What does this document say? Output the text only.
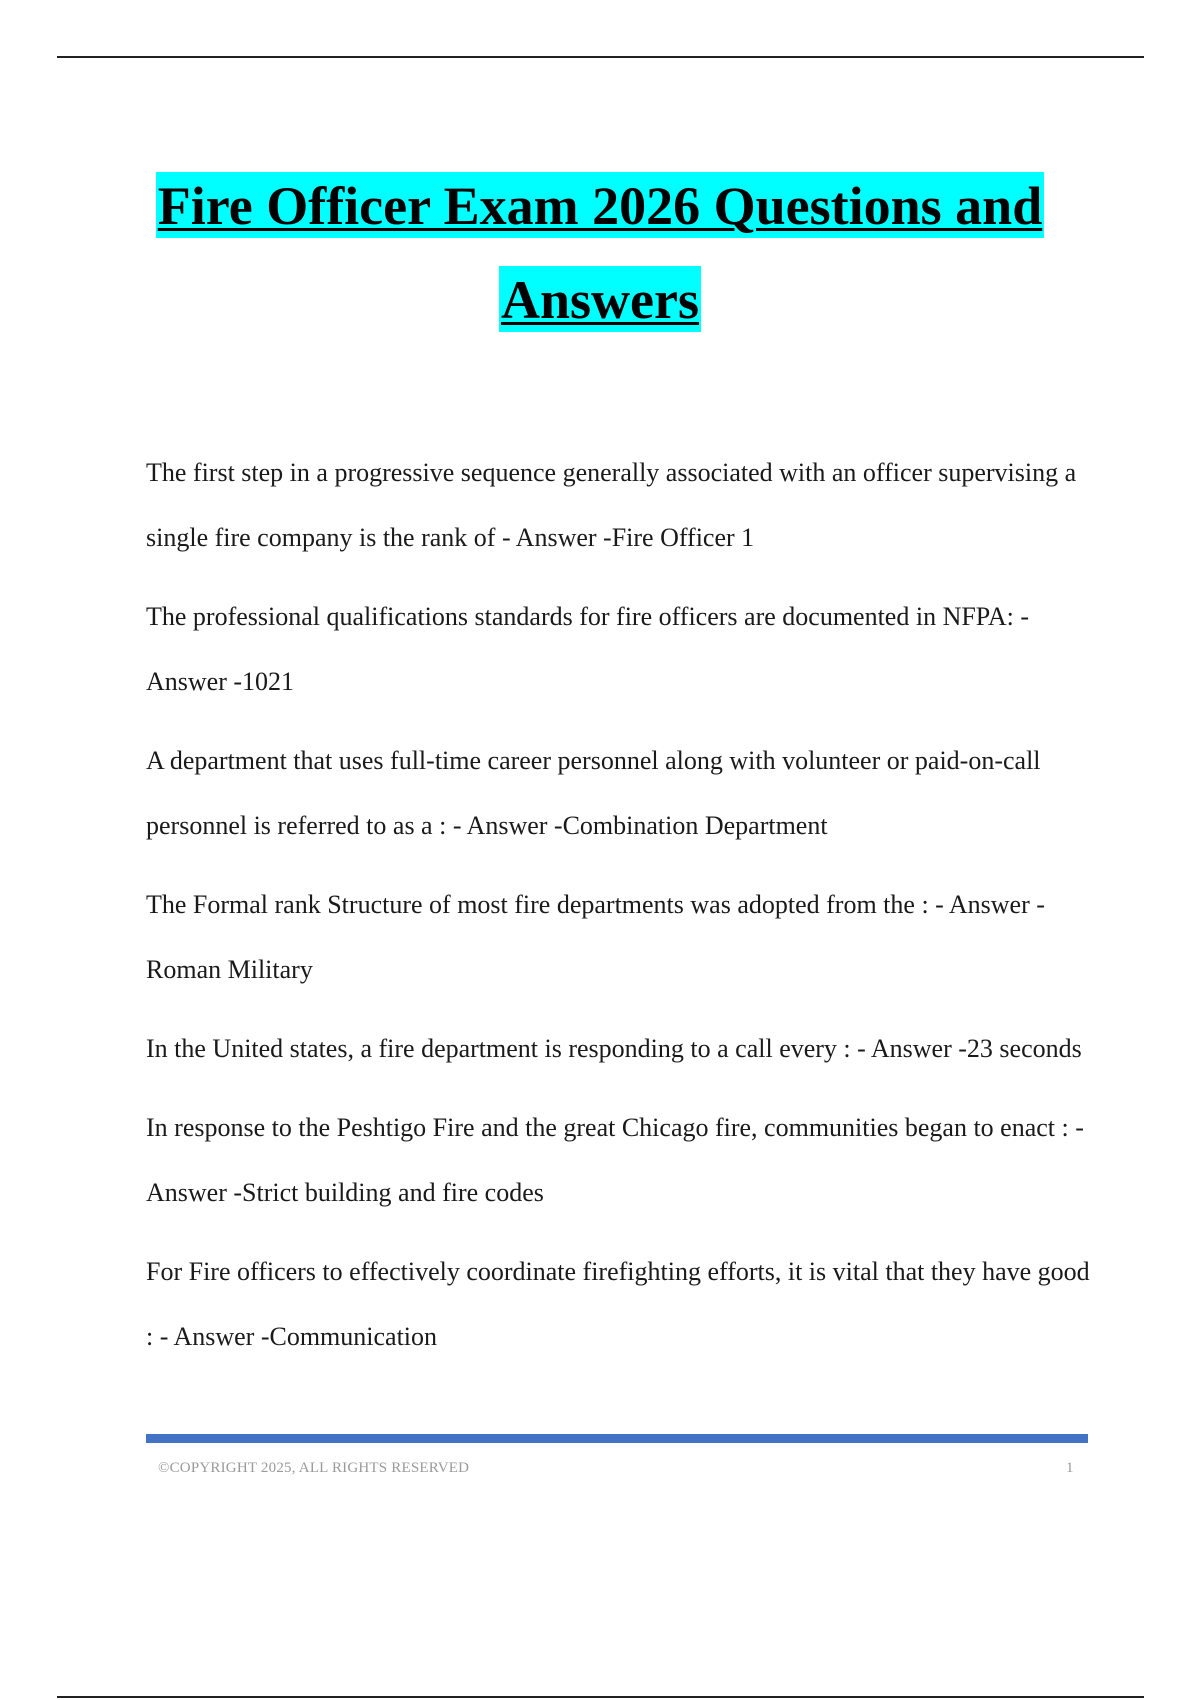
Fire Officer Exam 2026 Questions and
Answers

The first step in a progressive sequence generally associated with an officer supervising a single fire company is the rank of - Answer -Fire Officer 1

The professional qualifications standards for fire officers are documented in NFPA: - Answer -1021

A department that uses full-time career personnel along with volunteer or paid-on-call personnel is referred to as a : - Answer -Combination Department

The Formal rank Structure of most fire departments was adopted from the : - Answer -Roman Military

In the United states, a fire department is responding to a call every : - Answer -23 seconds

In response to the Peshtigo Fire and the great Chicago fire, communities began to enact : - Answer -Strict building and fire codes

For Fire officers to effectively coordinate firefighting efforts, it is vital that they have good : - Answer -Communication

©COPYRIGHT 2025, ALL RIGHTS RESERVED	1
